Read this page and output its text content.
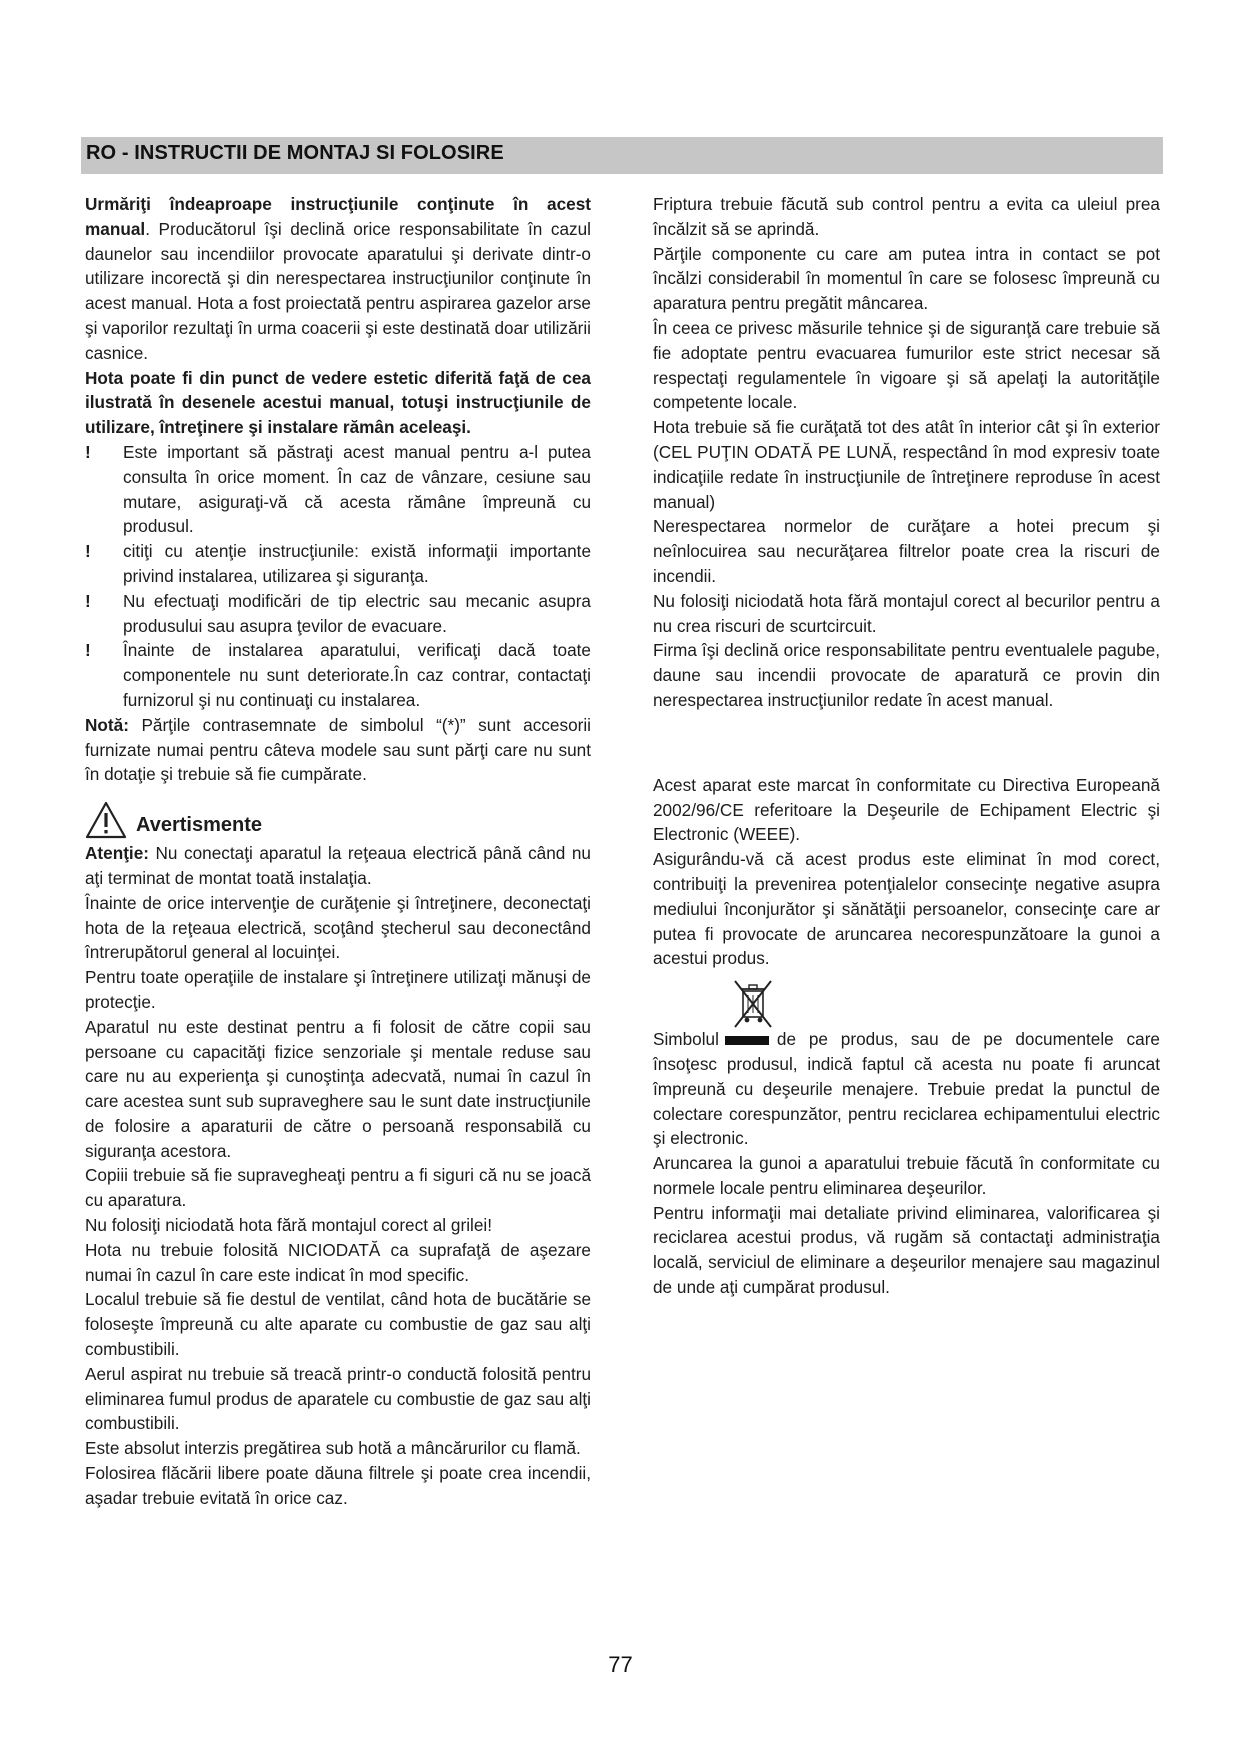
RO - INSTRUCTII DE MONTAJ SI FOLOSIRE

Urmăriţi îndeaproape instrucţiunile conţinute în acest manual. Producătorul îşi declină orice responsabilitate în cazul daunelor sau incendiilor provocate aparatului şi derivate dintr-o utilizare incorectă şi din nerespectarea instrucţiunilor conţinute în acest manual. Hota a fost proiectată pentru aspirarea gazelor arse şi vaporilor rezultaţi în urma coacerii şi este destinată doar utilizării casnice.

Hota poate fi din punct de vedere estetic diferită faţă de cea ilustrată în desenele acestui manual, totuşi instrucţiunile de utilizare, întreţinere şi instalare rămân aceleaşi.

! Este important să păstraţi acest manual pentru a-l putea consulta în orice moment. În caz de vânzare, cesiune sau mutare, asiguraţi-vă că acesta rămâne împreună cu produsul.

! citiţi cu atenţie instrucţiunile: există informaţii importante privind instalarea, utilizarea şi siguranţa.

! Nu efectuaţi modificări de tip electric sau mecanic asupra produsului sau asupra ţevilor de evacuare.

! Înainte de instalarea aparatului, verificaţi dacă toate componentele nu sunt deteriorate.În caz contrar, contactaţi furnizorul şi nu continuaţi cu instalarea.

Notă: Părţile contrasemnate de simbolul “(*)” sunt accesorii furnizate numai pentru câteva modele sau sunt părţi care nu sunt în dotaţie şi trebuie să fie cumpărate.

Avertismente

Atenţie: Nu conectaţi aparatul la reţeaua electrică până când nu aţi terminat de montat toată instalaţia.

Înainte de orice intervenţie de curăţenie şi întreţinere, deconectaţi hota de la reţeaua electrică, scoţând ştecherul sau deconectând întrerupătorul general al locuinţei.

Pentru toate operaţiile de instalare şi întreţinere utilizaţi mănuşi de protecţie.

Aparatul nu este destinat pentru a fi folosit de către copii sau persoane cu capacităţi fizice senzoriale şi mentale reduse sau care nu au experienţa şi cunoştinţa adecvată, numai în cazul în care acestea sunt sub supraveghere sau le sunt date instrucţiunile de folosire a aparaturii de către o persoană responsabilă cu siguranţa acestora.

Copiii trebuie să fie supravegheaţi pentru a fi siguri că nu se joacă cu aparatura.

Nu folosiţi niciodată hota fără montajul corect al grilei!

Hota nu trebuie folosită NICIODATĂ ca suprafaţă de aşezare numai în cazul în care este indicat în mod specific.

Localul trebuie să fie destul de ventilat, când hota de bucătărie se foloseşte împreună cu alte aparate cu combustie de gaz sau alţi combustibili.

Aerul aspirat nu trebuie să treacă printr-o conductă folosită pentru eliminarea fumul produs de aparatele cu combustie de gaz sau alţi combustibili.

Este absolut interzis pregătirea sub hotă a mâncărurilor cu flamă.

Folosirea flăcării libere poate dăuna filtrele şi poate crea incendii, aşadar trebuie evitată în orice caz.

Friptura trebuie făcută sub control pentru a evita ca uleiul prea încălzit să se aprindă.

Părţile componente cu care am putea intra in contact se pot încălzi considerabil în momentul în care se folosesc împreună cu aparatura pentru pregătit mâncarea.

În ceea ce privesc măsurile tehnice şi de siguranţă care trebuie să fie adoptate pentru evacuarea fumurilor este strict necesar să respectaţi regulamentele în vigoare şi să apelaţi la autorităţile competente locale.

Hota trebuie să fie curăţată tot des atât în interior cât şi în exterior (CEL PUŢIN ODATĂ PE LUNĂ, respectând în mod expresiv toate indicaţiile redate în instrucţiunile de întreţinere reproduse în acest manual)

Nerespectarea normelor de curăţare a hotei precum şi neînlocuirea sau necurăţarea filtrelor poate crea la riscuri de incendii.

Nu folosiţi niciodată hota fără montajul corect al becurilor pentru a nu crea riscuri de scurtcircuit.

Firma îşi declină orice responsabilitate pentru eventualele pagube, daune sau incendii provocate de aparatură ce provin din nerespectarea instrucţiunilor redate în acest manual.

Acest aparat este marcat în conformitate cu Directiva Europeană 2002/96/CE referitoare la Deşeurile de Echipament Electric şi Electronic (WEEE).

Asigurându-vă că acest produs este eliminat în mod corect, contribuiţi la prevenirea potenţialelor consecinţe negative asupra mediului înconjurător şi sănătăţii persoanelor, consecinţe care ar putea fi provocate de aruncarea necorespunzătoare la gunoi a acestui produs.

Simbolul	de pe produs, sau de pe documentele care însoţesc produsul, indică faptul că acesta nu poate fi aruncat împreună cu deşeurile menajere. Trebuie predat la punctul de colectare corespunzător, pentru reciclarea echipamentului electric şi electronic.

Aruncarea la gunoi a aparatului trebuie făcută în conformitate cu normele locale pentru eliminarea deşeurilor.

Pentru informaţii mai detaliate privind eliminarea, valorificarea şi reciclarea acestui produs, vă rugăm să contactaţi administraţia locală, serviciul de eliminare a deşeurilor menajere sau magazinul de unde aţi cumpărat produsul.

77
